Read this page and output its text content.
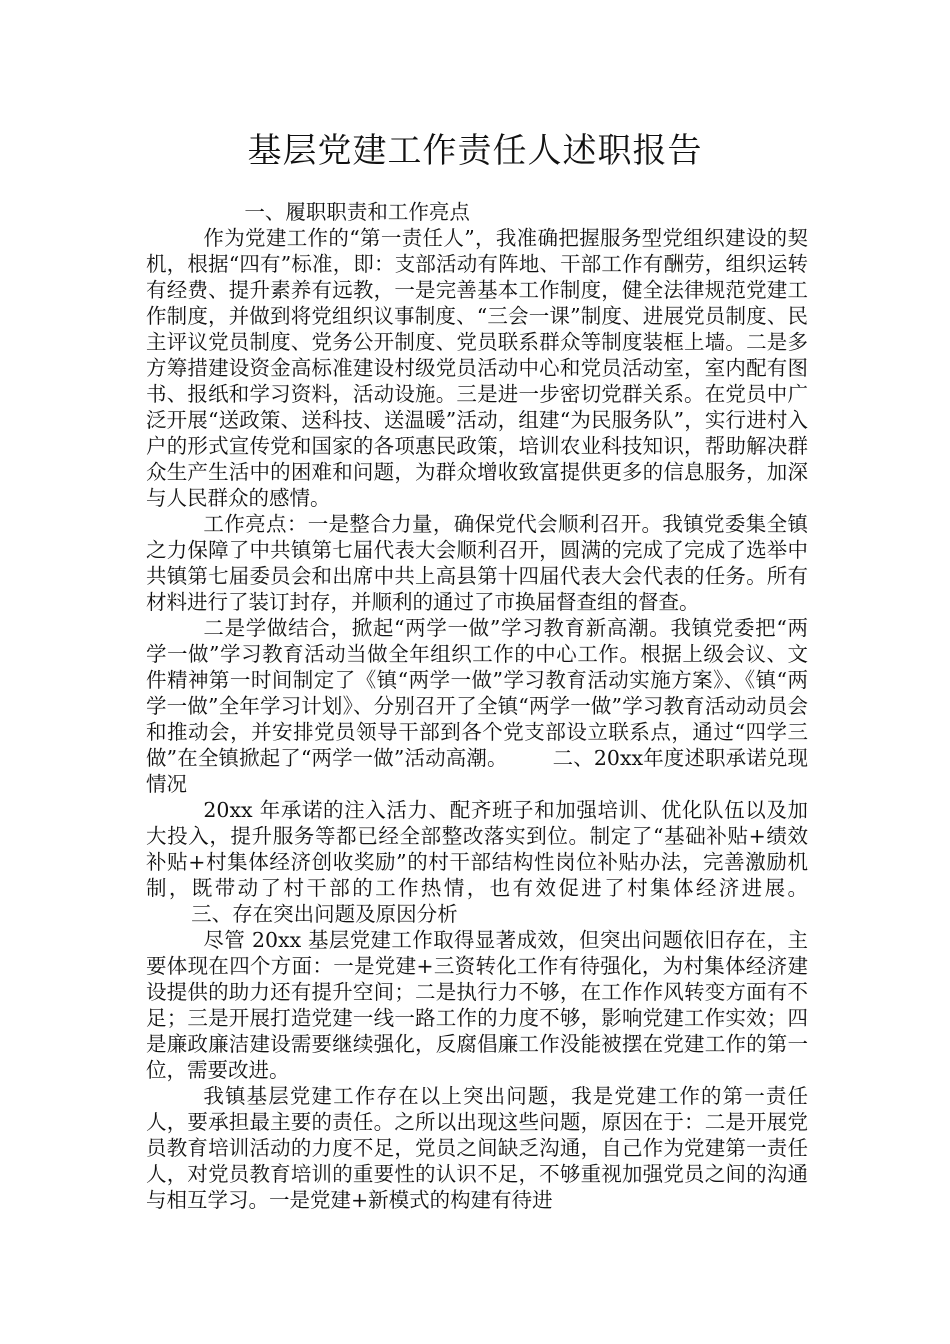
基层党建工作责任人述职报告

一、履职职责和工作亮点

作为党建工作的“第一责任人”，我准确把握服务型党组织建设的契机，根据“四有”标准，即：支部活动有阵地、干部工作有酬劳，组织运转有经费、提升素养有远教，一是完善基本工作制度，健全法律规范党建工作制度，并做到将党组织议事制度、“三会一课”制度、进展党员制度、民主评议党员制度、党务公开制度、党员联系群众等制度装框上墙。二是多方筹措建设资金高标准建设村级党员活动中心和党员活动室，室内配有图书、报纸和学习资料，活动设施。三是进一步密切党群关系。在党员中广泛开展“送政策、送科技、送温暖”活动，组建“为民服务队”，实行进村入户的形式宣传党和国家的各项惠民政策，培训农业科技知识，帮助解决群众生产生活中的困难和问题，为群众增收致富提供更多的信息服务，加深与人民群众的感情。

工作亮点：一是整合力量，确保党代会顺利召开。我镇党委集全镇之力保障了中共镇第七届代表大会顺利召开，圆满的完成了完成了选举中共镇第七届委员会和出席中共上高县第十四届代表大会代表的任务。所有材料进行了装订封存，并顺利的通过了市换届督查组的督查。

二是学做结合，掀起“两学一做”学习教育新高潮。我镇党委把“两学一做”学习教育活动当做全年组织工作的中心工作。根据上级会议、文件精神第一时间制定了《镇“两学一做”学习教育活动实施方案》、《镇“两学一做”全年学习计划》、分别召开了全镇“两学一做”学习教育活动动员会和推动会，并安排党员领导干部到各个党支部设立联系点，通过“四学三做”在全镇掀起了“两学一做”活动高潮。 二、20xx年度述职承诺兑现情况

20xx 年承诺的注入活力、配齐班子和加强培训、优化队伍以及加大投入，提升服务等都已经全部整改落实到位。制定了“基础补贴+绩效补贴+村集体经济创收奖励”的村干部结构性岗位补贴办法，完善激励机制，既带动了村干部的工作热情，也有效促进了村集体经济进展。三、存在突出问题及原因分析

尽管 20xx 基层党建工作取得显著成效，但突出问题依旧存在，主要体现在四个方面：一是党建+三资转化工作有待强化，为村集体经济建设提供的助力还有提升空间；二是执行力不够，在工作作风转变方面有不足；三是开展打造党建一线一路工作的力度不够，影响党建工作实效；四是廉政廉洁建设需要继续强化，反腐倡廉工作没能被摆在党建工作的第一位，需要改进。

我镇基层党建工作存在以上突出问题，我是党建工作的第一责任人，要承担最主要的责任。之所以出现这些问题，原因在于：二是开展党员教育培训活动的力度不足，党员之间缺乏沟通，自己作为党建第一责任人，对党员教育培训的重要性的认识不足，不够重视加强党员之间的沟通与相互学习。一是党建+新模式的构建有待进
